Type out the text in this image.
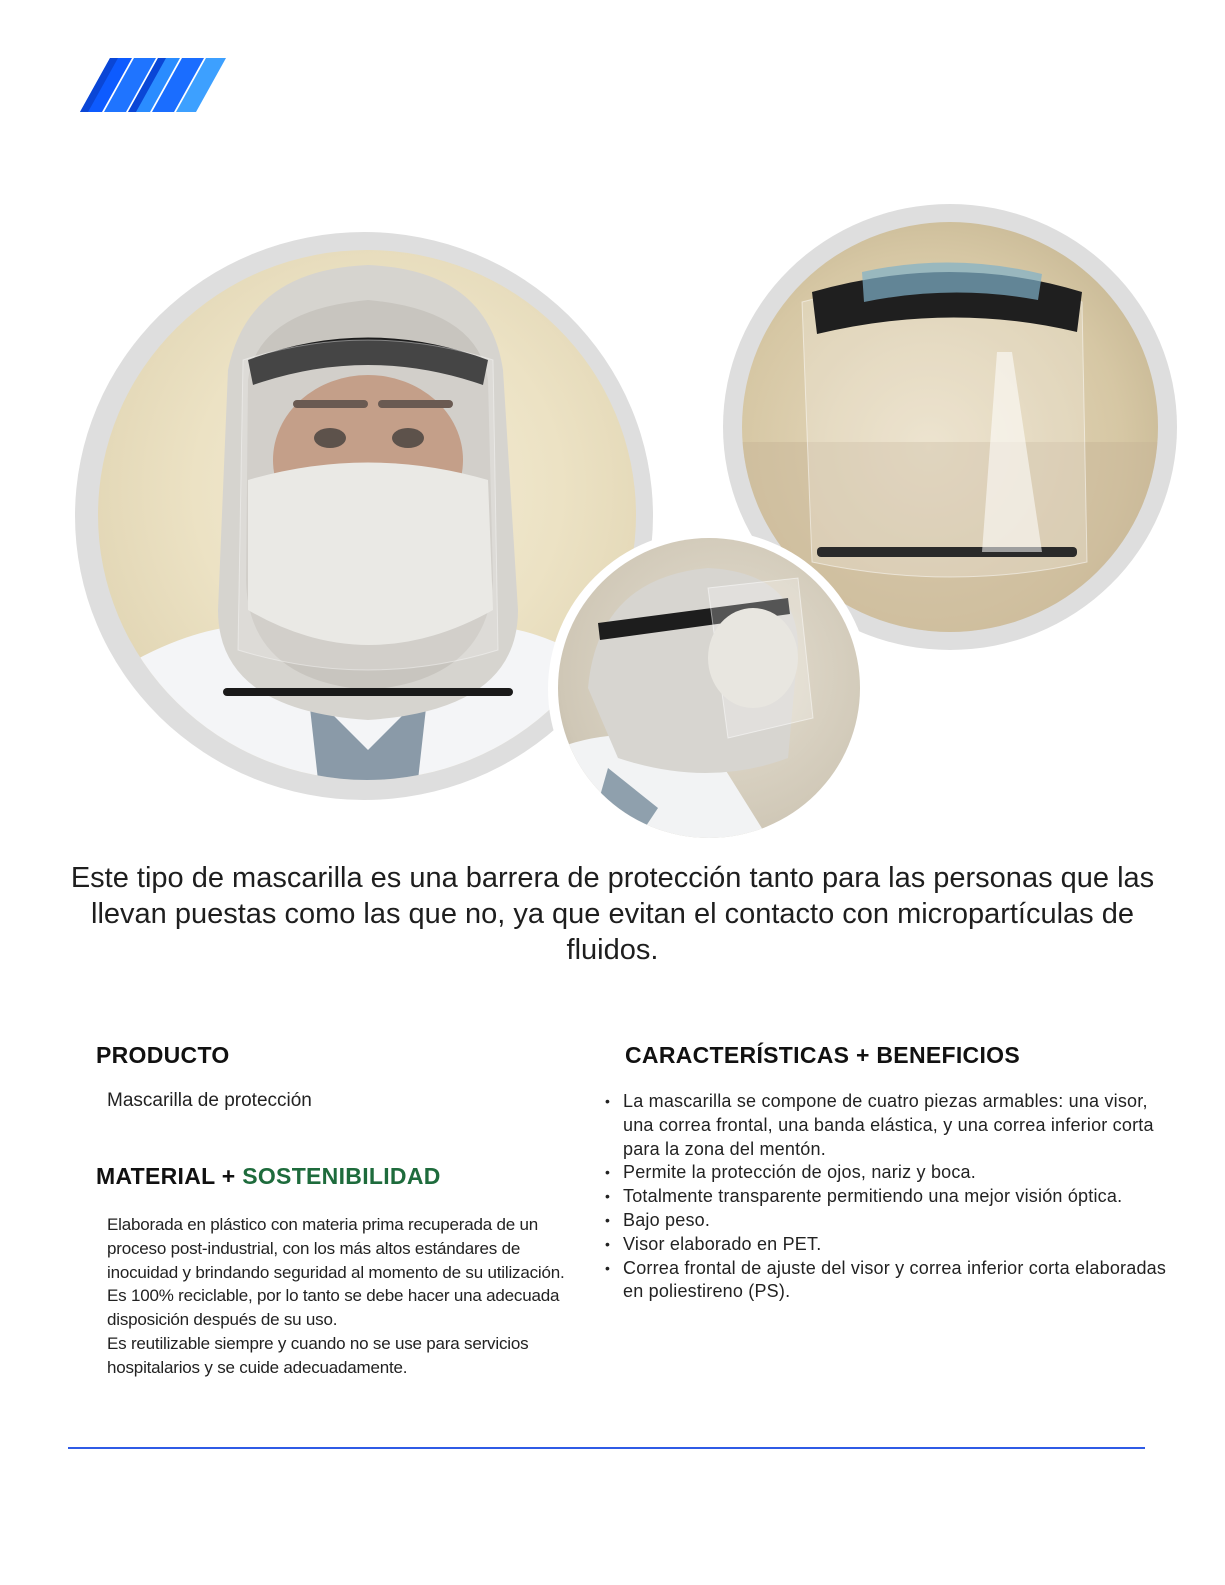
Este tipo de mascarilla es una barrera de protección tanto para las personas que las llevan puestas como las que no, ya que evitan el contacto con micropartículas de fluidos.

PRODUCTO

Mascarilla de protección

MATERIAL + SOSTENIBILIDAD

Elaborada en plástico con materia prima recuperada de un proceso post-industrial, con los más altos estándares de inocuidad y brindando seguridad al momento de su utilización.
Es 100% reciclable, por lo tanto se debe hacer una adecuada disposición después de su uso.
Es reutilizable siempre y cuando no se use para servicios hospitalarios y se cuide adecuadamente.

CARACTERÍSTICAS + BENEFICIOS
• La mascarilla se compone de cuatro piezas armables: una visor, una correa frontal, una banda elástica, y una correa inferior corta para la zona del mentón.
• Permite la protección de ojos, nariz y boca.
• Totalmente transparente permitiendo una mejor visión óptica.
• Bajo peso.
• Visor elaborado en PET.
• Correa frontal de ajuste del visor y correa inferior corta elaboradas en poliestireno (PS).
